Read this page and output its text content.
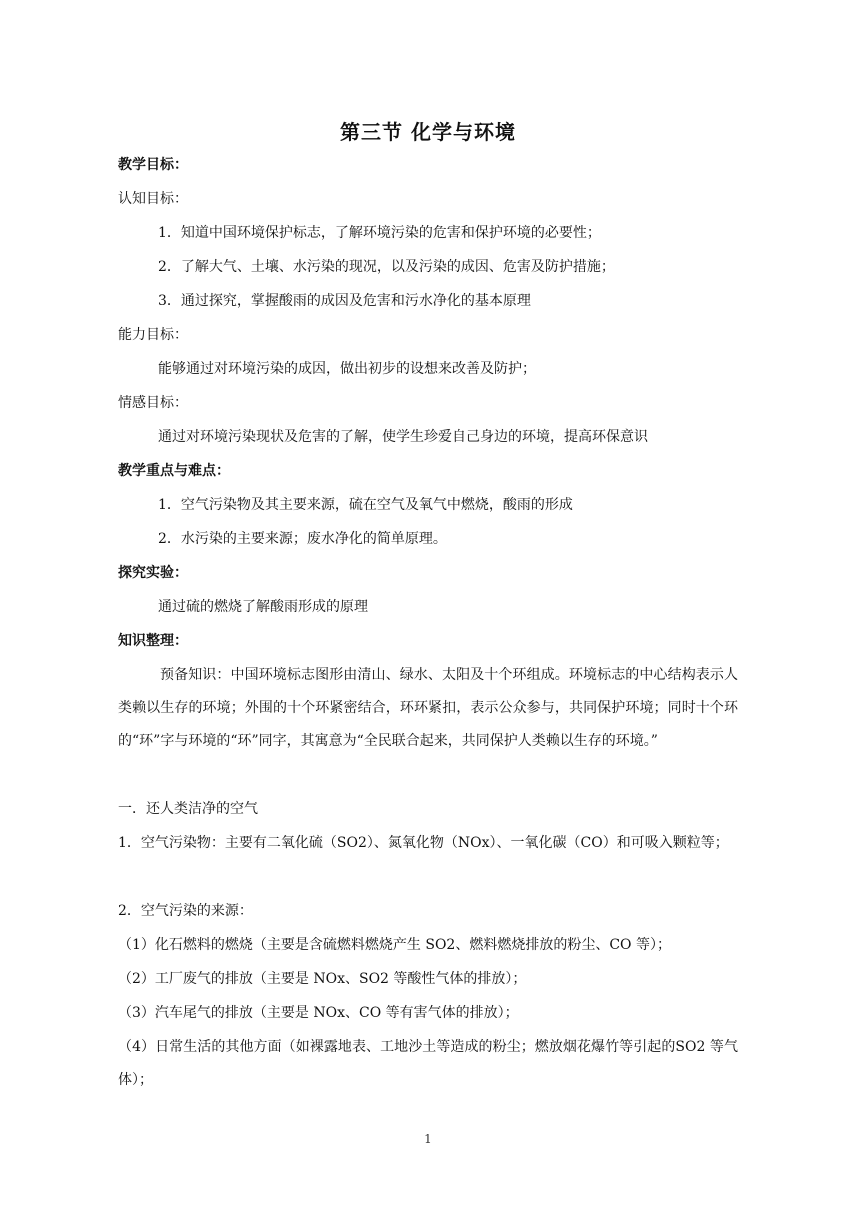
第三节 化学与环境
教学目标：
认知目标：
1．知道中国环境保护标志，了解环境污染的危害和保护环境的必要性；
2．了解大气、土壤、水污染的现况，以及污染的成因、危害及防护措施；
3．通过探究，掌握酸雨的成因及危害和污水净化的基本原理
能力目标：
能够通过对环境污染的成因，做出初步的设想来改善及防护；
情感目标：
通过对环境污染现状及危害的了解，使学生珍爱自己身边的环境，提高环保意识
教学重点与难点：
1．空气污染物及其主要来源，硫在空气及氧气中燃烧，酸雨的形成
2．水污染的主要来源；废水净化的简单原理。
探究实验：
通过硫的燃烧了解酸雨形成的原理
知识整理：
预备知识：中国环境标志图形由清山、绿水、太阳及十个环组成。环境标志的中心结构表示人类赖以生存的环境；外围的十个环紧密结合，环环紧扣，表示公众参与，共同保护环境；同时十个环的“环”字与环境的“环”同字，其寓意为“全民联合起来，共同保护人类赖以生存的环境。”
一．还人类洁净的空气
1．空气污染物：主要有二氧化硫（SO2）、氮氧化物（NOx）、一氧化碳（CO）和可吸入颗粒等；
2．空气污染的来源：
（1）化石燃料的燃烧（主要是含硫燃料燃烧产生 SO2、燃料燃烧排放的粉尘、CO 等）；
（2）工厂废气的排放（主要是 NOx、SO2 等酸性气体的排放）；
（3）汽车尾气的排放（主要是 NOx、CO 等有害气体的排放）；
（4）日常生活的其他方面（如裸露地表、工地沙土等造成的粉尘；燃放烟花爆竹等引起的SO2 等气体）；
1
